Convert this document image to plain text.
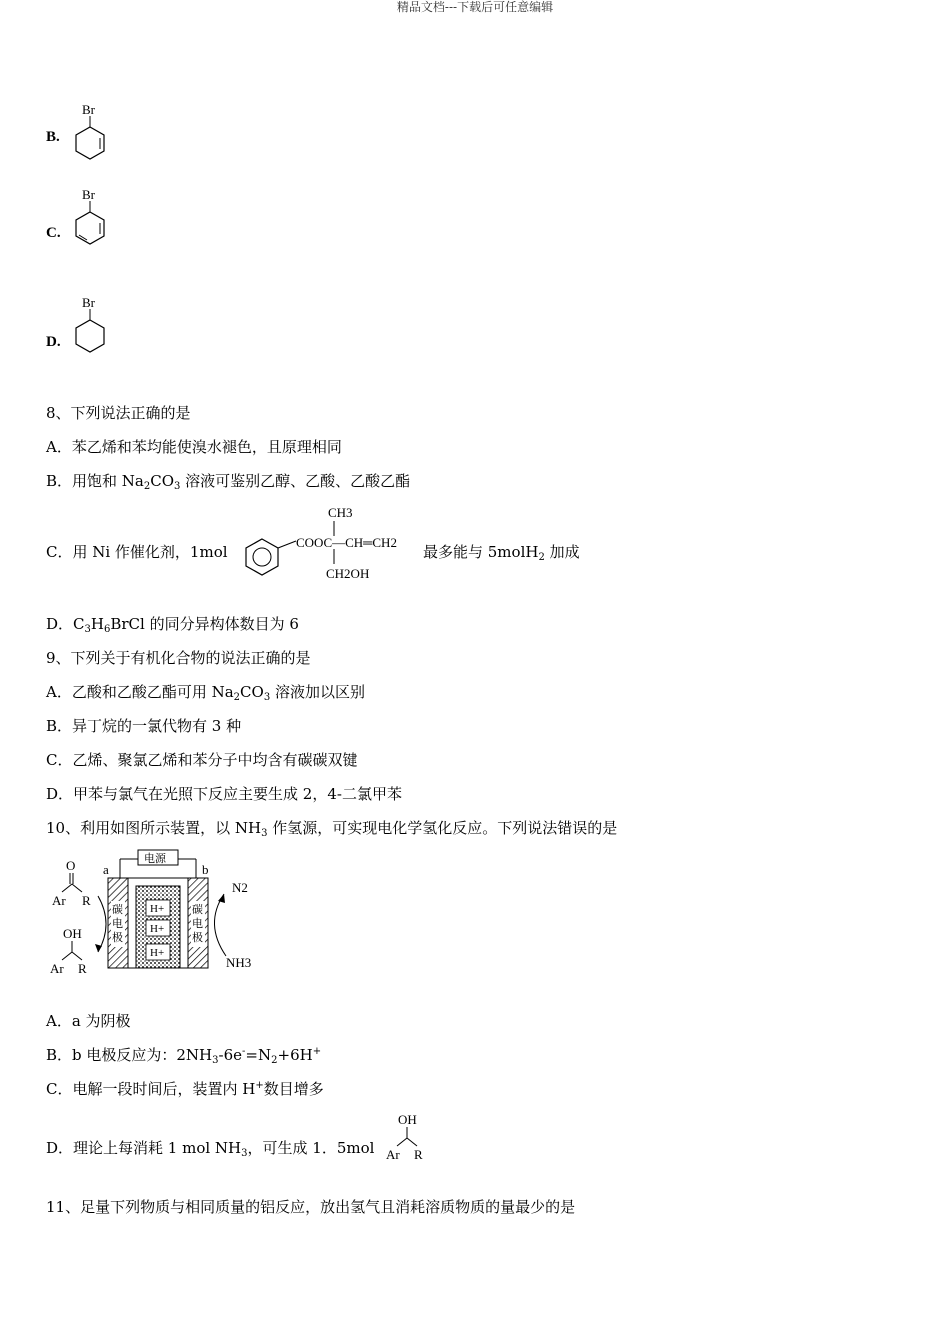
精品文档---下载后可任意编辑
B.
Br
C.
Br
D.
Br
8、下列说法正确的是
A．苯乙烯和苯均能使溴水褪色，且原理相同
B．用饱和 $Na_2CO_3$ 溶液可鉴别乙醇、乙酸、乙酸乙酯
C．用 Ni 作催化剂，1mol
COOC—CH═CH2
CH3
CH2OH
最多能与 5molH$_2$ 加成
D．$C_3H_6BrCl$ 的同分异构体数目为 6
9、下列关于有机化合物的说法正确的是
A．乙酸和乙酸乙酯可用 $Na_2CO_3$ 溶液加以区别
B．异丁烷的一氯代物有 3 种
C．乙烯、聚氯乙烯和苯分子中均含有碳碳双键
D．甲苯与氯气在光照下反应主要生成 2，4-二氯甲苯
10、利用如图所示装置，以 $NH_3$ 作氢源，可实现电化学氢化反应。下列说法错误的是
电源
a	b
碳
电
极
碳
电
极
H+
H+
H+
O
Ar R
OH
Ar R
N2
NH3
A．a 为阴极
B．b 电极反应为：$2NH_3-6e^-=N_2+6H^+$
C．电解一段时间后，装置内 H+数目增多
D．理论上每消耗 1 mol $NH_3$，可生成 1．5mol
OH
Ar R
11、足量下列物质与相同质量的铝反应，放出氢气且消耗溶质物质的量最少的是
